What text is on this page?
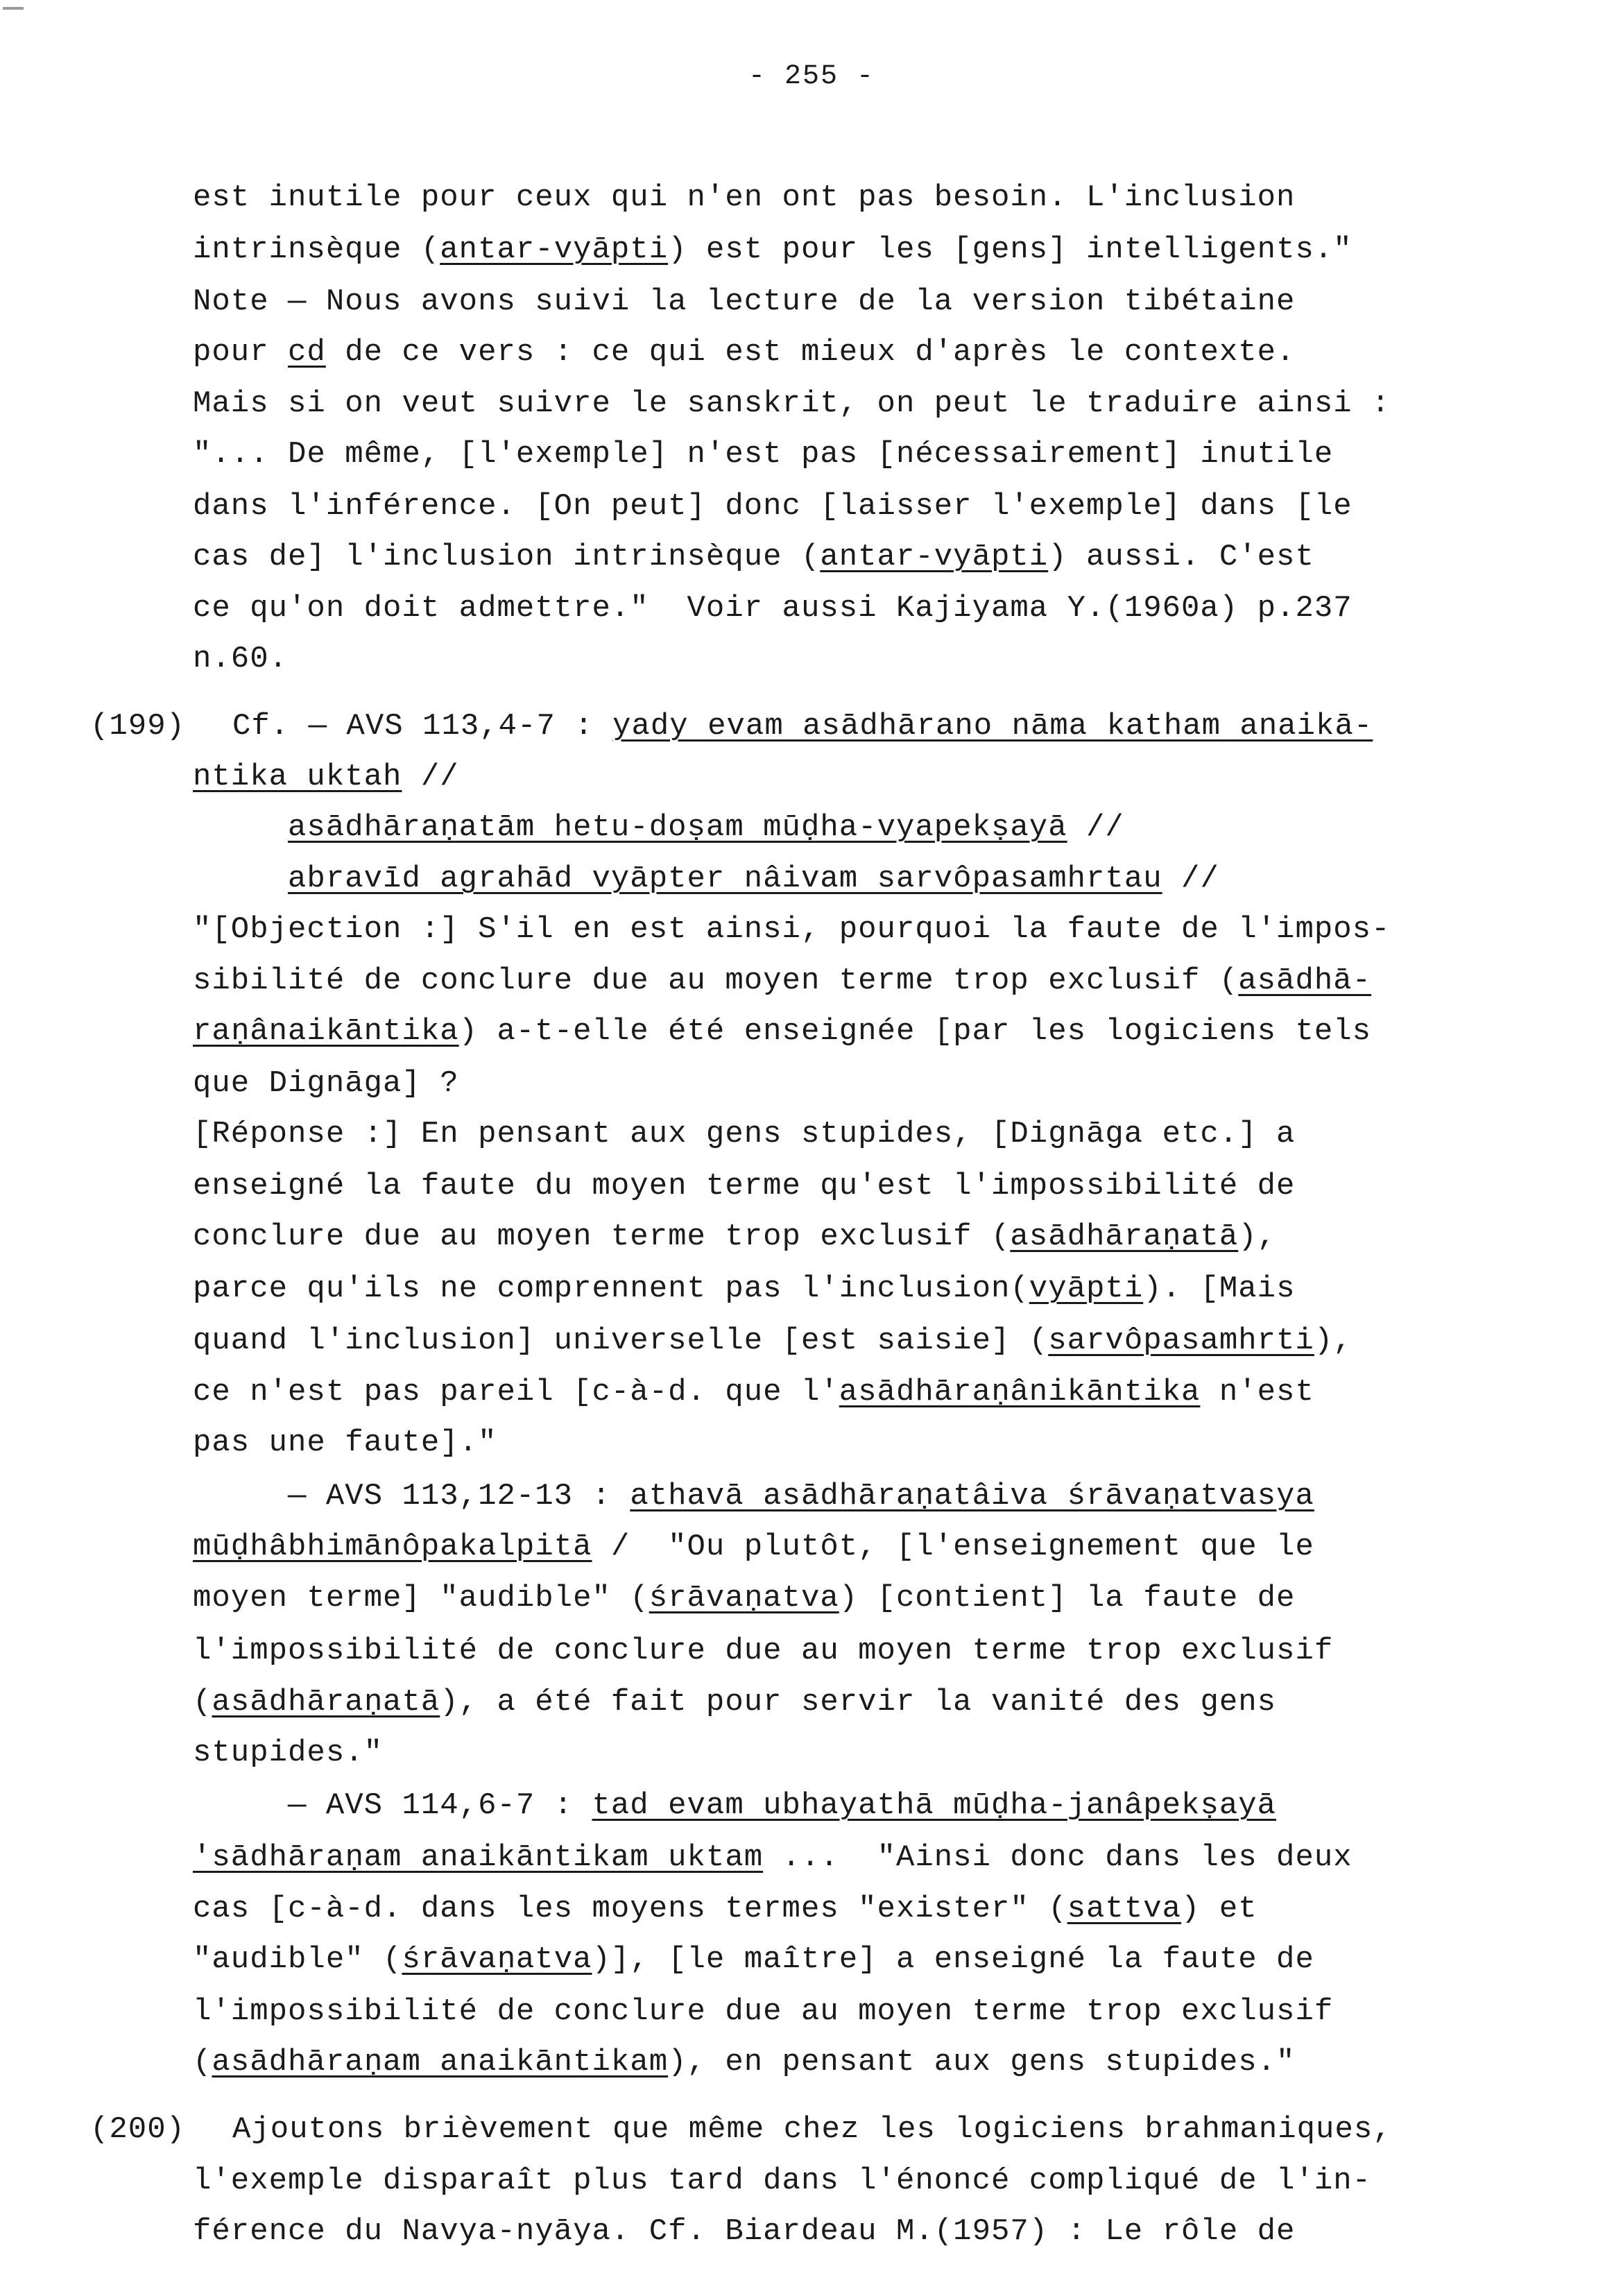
- 255 -
est inutile pour ceux qui n'en ont pas besoin. L'inclusion
intrinsèque (antar-vyāpti) est pour les [gens] intelligents."
Note — Nous avons suivi la lecture de la version tibétaine
pour cd de ce vers : ce qui est mieux d'après le contexte.
Mais si on veut suivre le sanskrit, on peut le traduire ainsi :
"... De même, [l'exemple] n'est pas [nécessairement] inutile
dans l'inférence. [On peut] donc [laisser l'exemple] dans [le
cas de] l'inclusion intrinsèque (antar-vyāpti) aussi. C'est
ce qu'on doit admettre."  Voir aussi Kajiyama Y.(1960a) p.237
n.60.
Cf. — AVS 113,4-7 : yady evam asādhārano nāma katham anaikā-
ntika uktah //
asādhāraṇatām hetu-doṣam mūḍha-vyapekṣayā //
abravīd agrahād vyāpter nâivam sarvôpasamhrtau //
"[Objection :] S'il en est ainsi, pourquoi la faute de l'impos-
sibilité de conclure due au moyen terme trop exclusif (asādhā-
raṇânaikāntika) a-t-elle été enseignée [par les logiciens tels
que Dignāga] ?
[Réponse :] En pensant aux gens stupides, [Dignāga etc.] a
enseigné la faute du moyen terme qu'est l'impossibilité de
conclure due au moyen terme trop exclusif (asādhāraṇatā),
parce qu'ils ne comprennent pas l'inclusion(vyāpti). [Mais
quand l'inclusion] universelle [est saisie] (sarvôpasamhrti),
ce n'est pas pareil [c-à-d. que l'asādhāraṇânikāntika n'est
pas une faute]."
— AVS 113,12-13 : athavā asādhāraṇatâiva śrāvaṇatvasya
mūḍhâbhimānôpakalpitā /  "Ou plutôt, [l'enseignement que le
moyen terme] "audible" (śrāvaṇatva) [contient] la faute de
l'impossibilité de conclure due au moyen terme trop exclusif
(asādhāraṇatā), a été fait pour servir la vanité des gens
stupides."
— AVS 114,6-7 : tad evam ubhayathā mūḍha-janâpekṣayā
'sādhāraṇam anaikāntikam uktam ...  "Ainsi donc dans les deux
cas [c-à-d. dans les moyens termes "exister" (sattva) et
"audible" (śrāvaṇatva)], [le maître] a enseigné la faute de
l'impossibilité de conclure due au moyen terme trop exclusif
(asādhāraṇam anaikāntikam), en pensant aux gens stupides."
Ajoutons brièvement que même chez les logiciens brahmaniques,
l'exemple disparaît plus tard dans l'énoncé compliqué de l'in-
férence du Navya-nyāya. Cf. Biardeau M.(1957) : Le rôle de
(199)
(200)
